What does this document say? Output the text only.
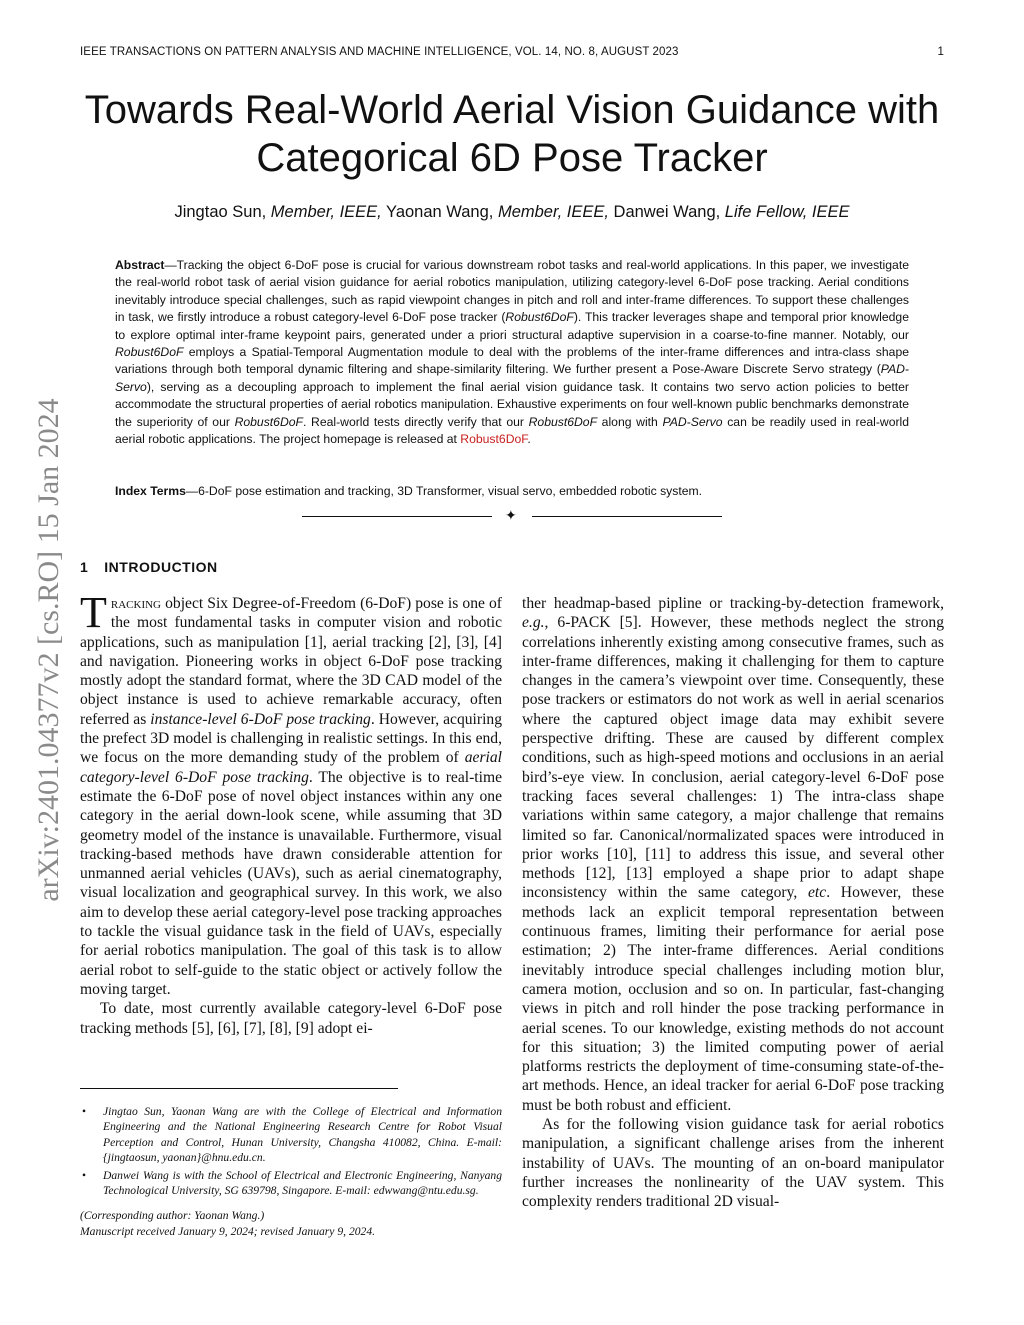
IEEE TRANSACTIONS ON PATTERN ANALYSIS AND MACHINE INTELLIGENCE, VOL. 14, NO. 8, AUGUST 2023	1
Towards Real-World Aerial Vision Guidance with
Categorical 6D Pose Tracker
Jingtao Sun, Member, IEEE, Yaonan Wang, Member, IEEE, Danwei Wang, Life Fellow, IEEE
Abstract—Tracking the object 6-DoF pose is crucial for various downstream robot tasks and real-world applications. In this paper, we investigate the real-world robot task of aerial vision guidance for aerial robotics manipulation, utilizing category-level 6-DoF pose tracking. Aerial conditions inevitably introduce special challenges, such as rapid viewpoint changes in pitch and roll and inter-frame differences. To support these challenges in task, we firstly introduce a robust category-level 6-DoF pose tracker (Robust6DoF). This tracker leverages shape and temporal prior knowledge to explore optimal inter-frame keypoint pairs, generated under a priori structural adaptive supervision in a coarse-to-fine manner. Notably, our Robust6DoF employs a Spatial-Temporal Augmentation module to deal with the problems of the inter-frame differences and intra-class shape variations through both temporal dynamic filtering and shape-similarity filtering. We further present a Pose-Aware Discrete Servo strategy (PAD-Servo), serving as a decoupling approach to implement the final aerial vision guidance task. It contains two servo action policies to better accommodate the structural properties of aerial robotics manipulation. Exhaustive experiments on four well-known public benchmarks demonstrate the superiority of our Robust6DoF. Real-world tests directly verify that our Robust6DoF along with PAD-Servo can be readily used in real-world aerial robotic applications. The project homepage is released at Robust6DoF.
Index Terms—6-DoF pose estimation and tracking, 3D Transformer, visual servo, embedded robotic system.
✦
1 INTRODUCTION

Tracking object Six Degree-of-Freedom (6-DoF) pose is one of the most fundamental tasks in computer vision and robotic applications, such as manipulation [1], aerial tracking [2], [3], [4] and navigation. Pioneering works in object 6-DoF pose tracking mostly adopt the standard format, where the 3D CAD model of the object instance is used to achieve remarkable accuracy, often referred as instance-level 6-DoF pose tracking. However, acquiring the prefect 3D model is challenging in realistic settings. In this end, we focus on the more demanding study of the problem of aerial category-level 6-DoF pose tracking. The objective is to real-time estimate the 6-DoF pose of novel object instances within any one category in the aerial down-look scene, while assuming that 3D geometry model of the instance is unavailable. Furthermore, visual tracking-based methods have drawn considerable attention for unmanned aerial vehicles (UAVs), such as aerial cinematography, visual localization and geographical survey. In this work, we also aim to develop these aerial category-level pose tracking approaches to tackle the visual guidance task in the field of UAVs, especially for aerial robotics manipulation. The goal of this task is to allow aerial robot to self-guide to the static object or actively follow the moving target.

To date, most currently available category-level 6-DoF pose tracking methods [5], [6], [7], [8], [9] adopt ei-

ther headmap-based pipline or tracking-by-detection framework, e.g., 6-PACK [5]. However, these methods neglect the strong correlations inherently existing among consecutive frames, such as inter-frame differences, making it challenging for them to capture changes in the camera’s viewpoint over time. Consequently, these pose trackers or estimators do not work as well in aerial scenarios where the captured object image data may exhibit severe perspective drifting. These are caused by different complex conditions, such as high-speed motions and occlusions in an aerial bird’s-eye view. In conclusion, aerial category-level 6-DoF pose tracking faces several challenges: 1) The intra-class shape variations within same category, a major challenge that remains limited so far. Canonical/normalizated spaces were introduced in prior works [10], [11] to address this issue, and several other methods [12], [13] employed a shape prior to adapt shape inconsistency within the same category, etc. However, these methods lack an explicit temporal representation between continuous frames, limiting their performance for aerial pose estimation; 2) The inter-frame differences. Aerial conditions inevitably introduce special challenges including motion blur, camera motion, occlusion and so on. In particular, fast-changing views in pitch and roll hinder the pose tracking performance in aerial scenes. To our knowledge, existing methods do not account for this situation; 3) the limited computing power of aerial platforms restricts the deployment of time-consuming state-of-the-art methods. Hence, an ideal tracker for aerial 6-DoF pose tracking must be both robust and efficient.

As for the following vision guidance task for aerial robotics manipulation, a significant challenge arises from the inherent instability of UAVs. The mounting of an on-board manipulator further increases the nonlinearity of the UAV system. This complexity renders traditional 2D visual-

• Jingtao Sun, Yaonan Wang are with the College of Electrical and Information Engineering and the National Engineering Research Centre for Robot Visual Perception and Control, Hunan University, Changsha 410082, China. E-mail: {jingtaosun, yaonan}@hnu.edu.cn.
• Danwei Wang is with the School of Electrical and Electronic Engineering, Nanyang Technological University, SG 639798, Singapore. E-mail: edwwang@ntu.edu.sg.
(Corresponding author: Yaonan Wang.)
Manuscript received January 9, 2024; revised January 9, 2024.
arXiv:2401.04377v2 [cs.RO] 15 Jan 2024
